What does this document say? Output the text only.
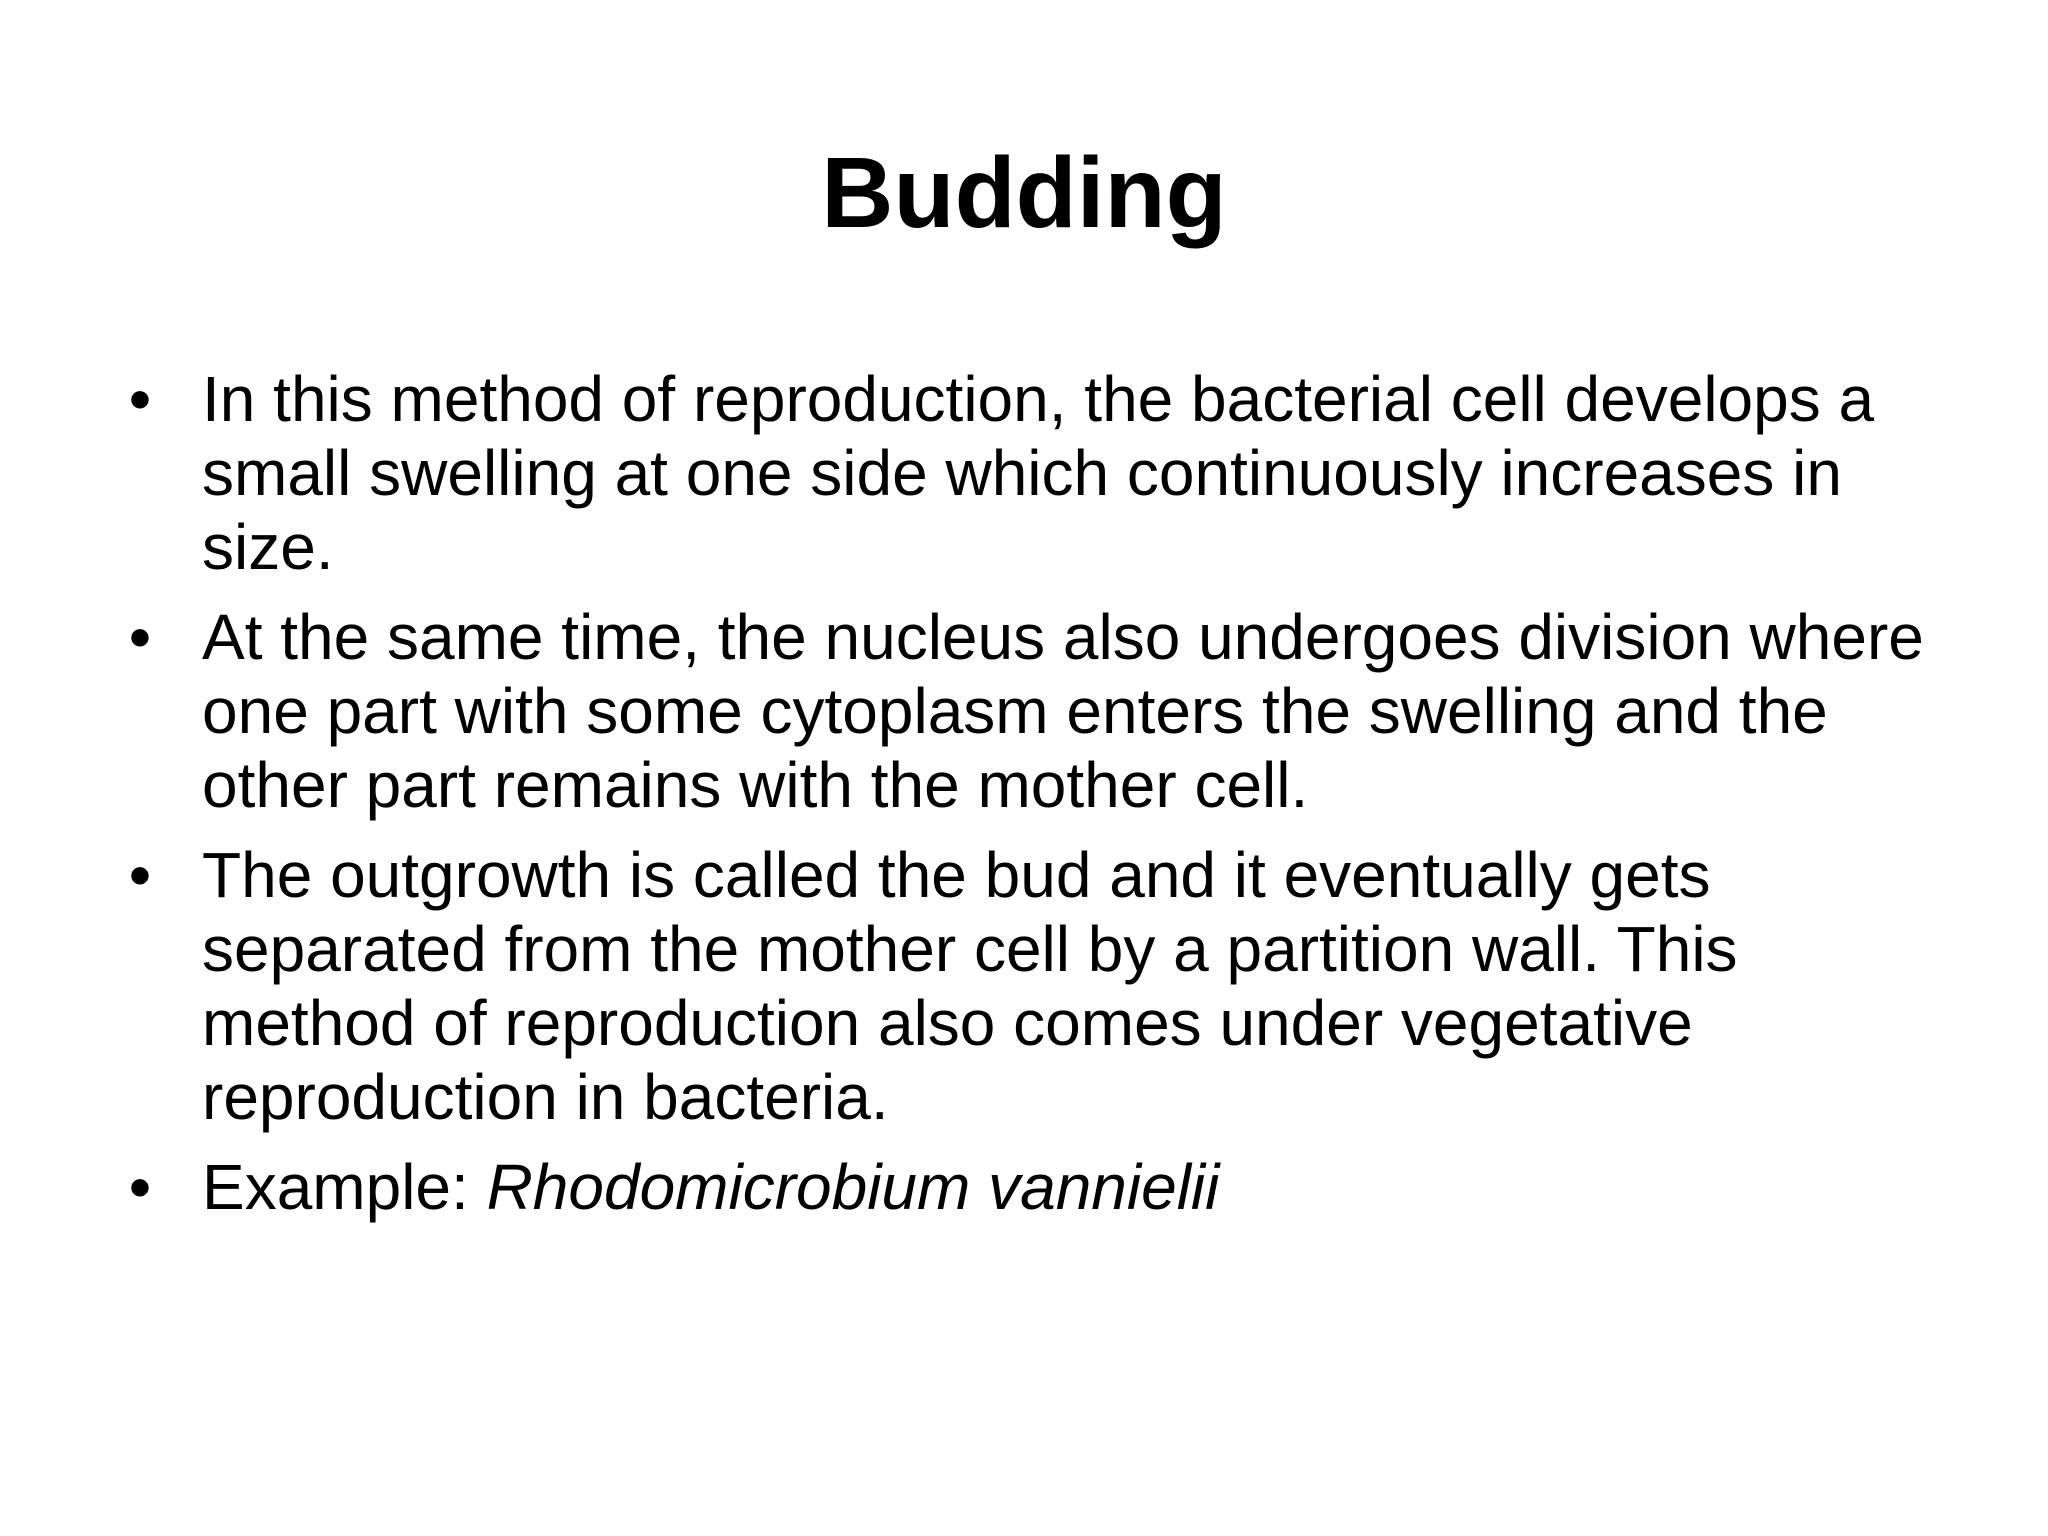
Budding
• In this method of reproduction, the bacterial cell develops a small swelling at one side which continuously increases in size.
• At the same time, the nucleus also undergoes division where one part with some cytoplasm enters the swelling and the other part remains with the mother cell.
• The outgrowth is called the bud and it eventually gets separated from the mother cell by a partition wall. This method of reproduction also comes under vegetative reproduction in bacteria.
• Example: Rhodomicrobium vannielii
